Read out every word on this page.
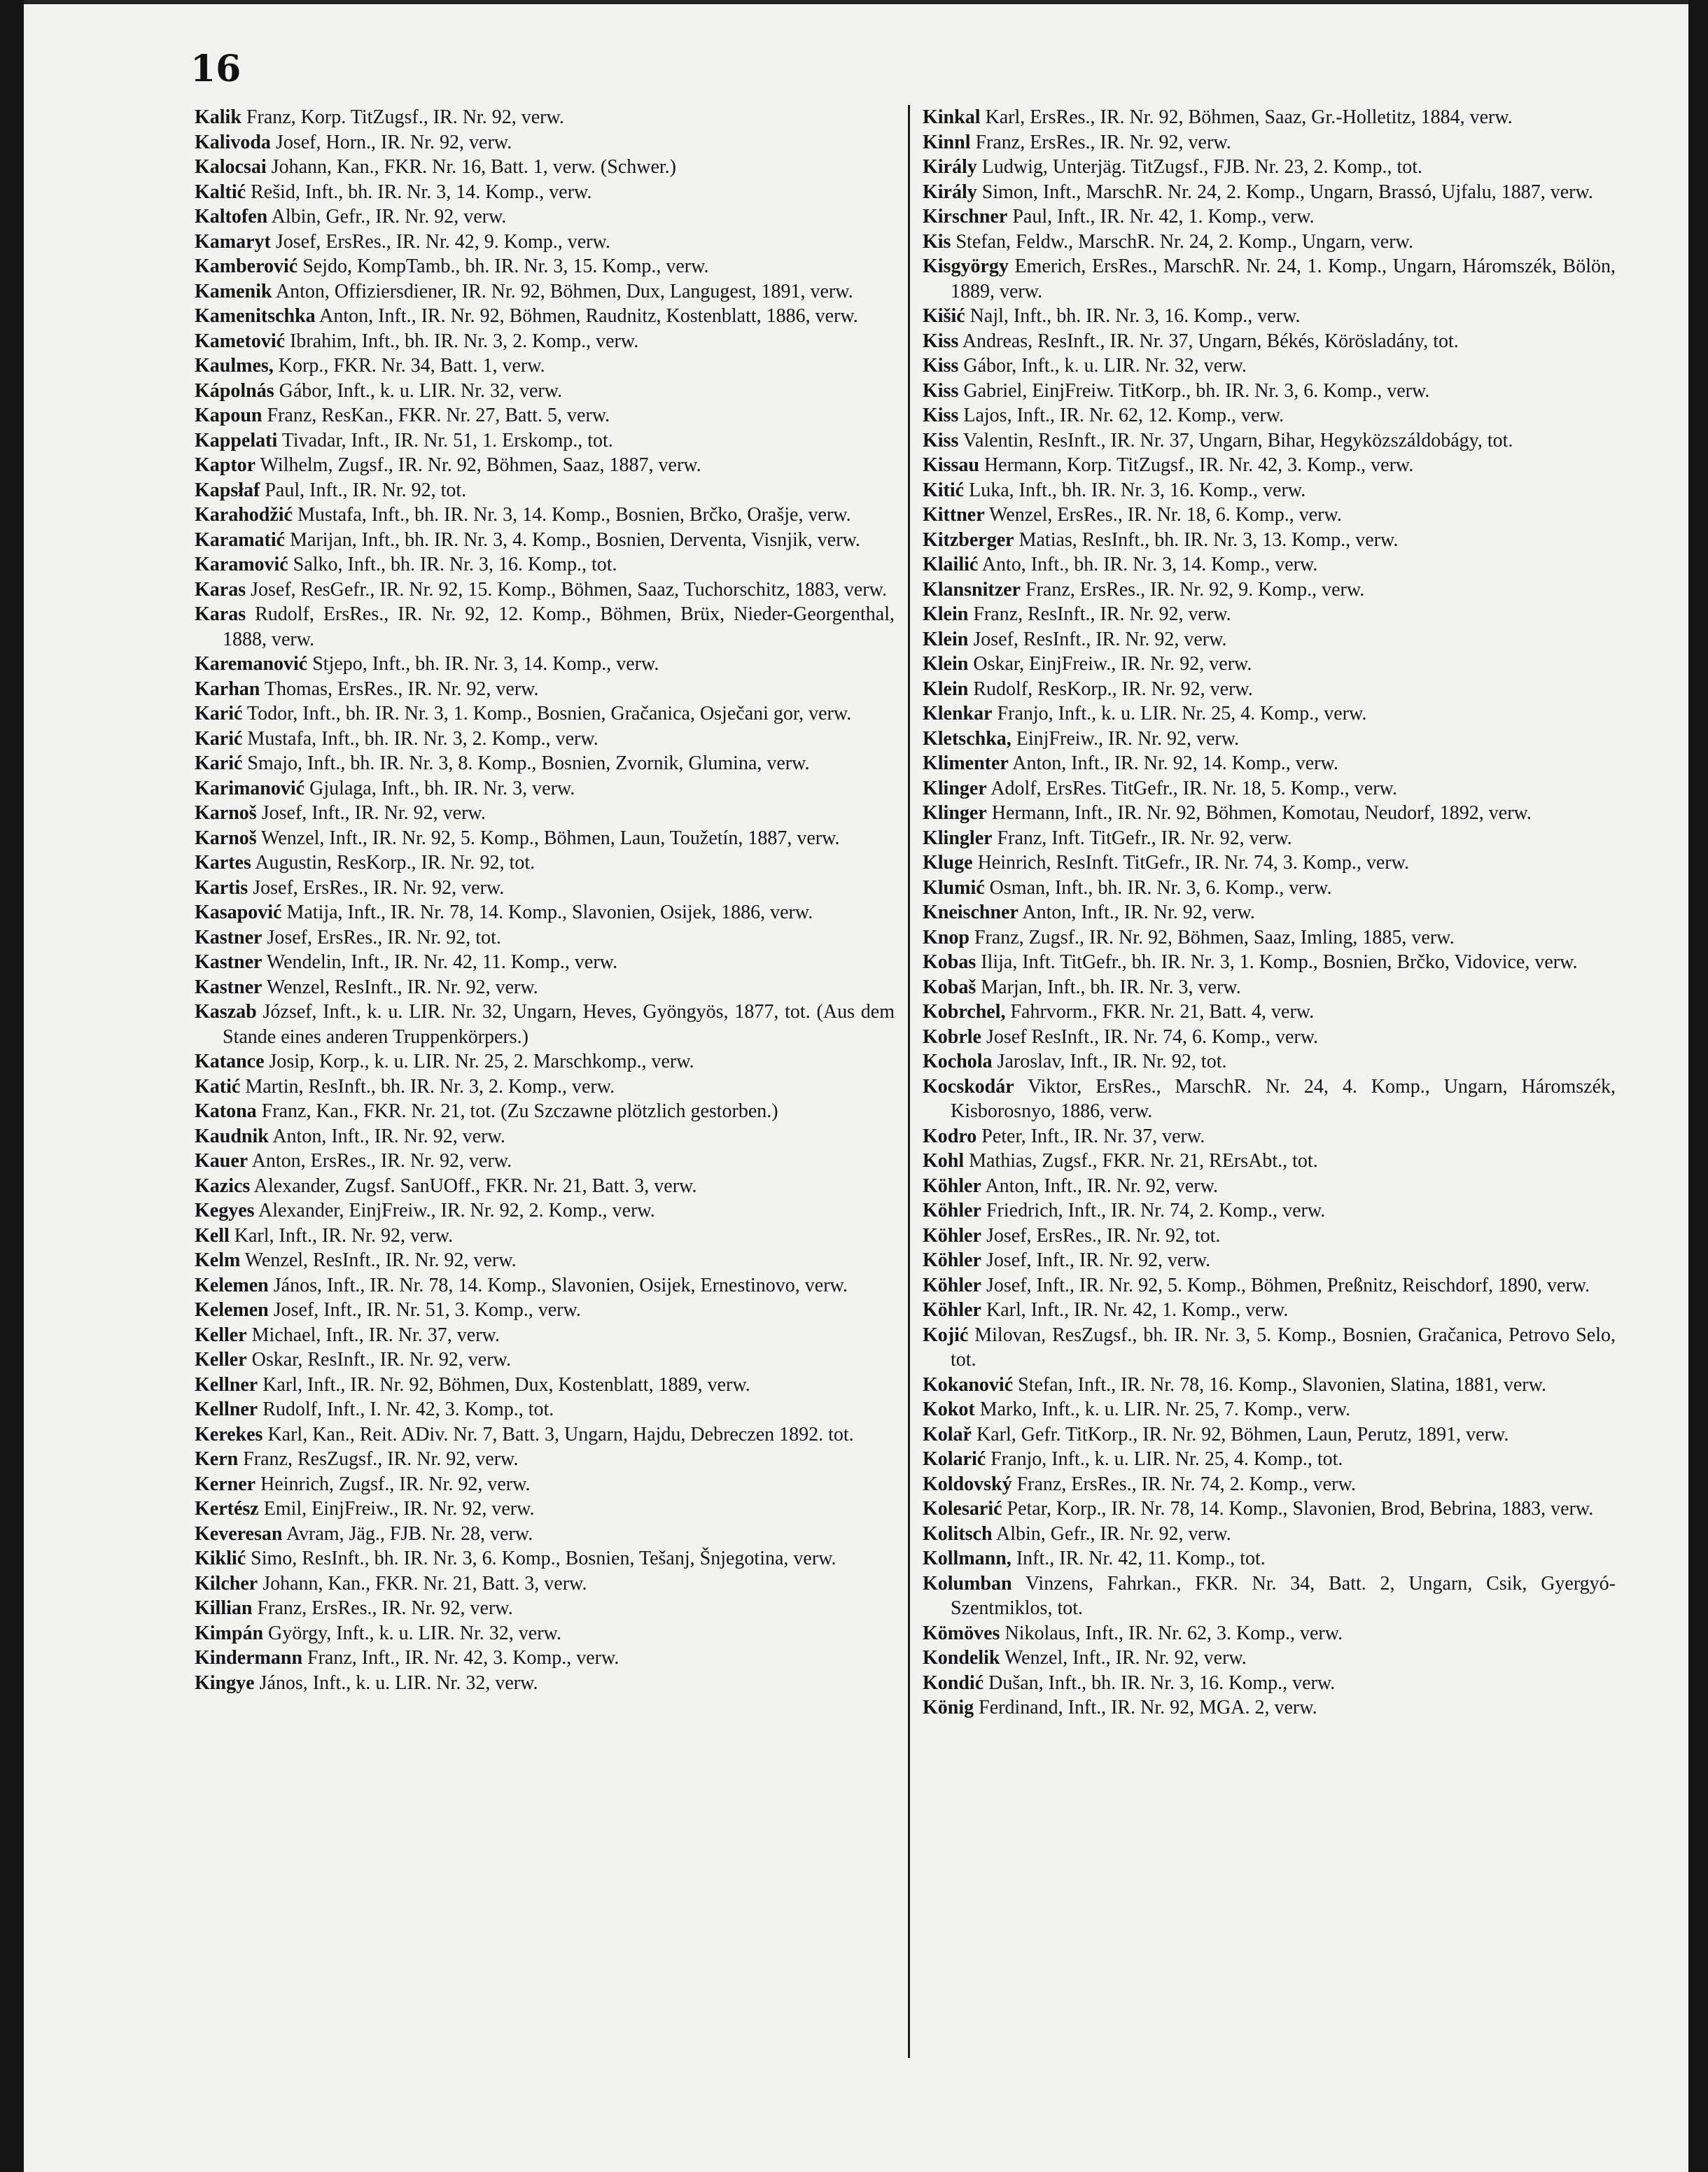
16
Kalik Franz, Korp. TitZugsf., IR. Nr. 92, verw.
Kalivoda Josef, Horn., IR. Nr. 92, verw.
Kalocsai Johann, Kan., FKR. Nr. 16, Batt. 1, verw. (Schwer.)
Kaltić Rešid, Inft., bh. IR. Nr. 3, 14. Komp., verw.
Kaltofen Albin, Gefr., IR. Nr. 92, verw.
Kamaryt Josef, ErsRes., IR. Nr. 42, 9. Komp., verw.
Kamberović Sejdo, KompTamb., bh. IR. Nr. 3, 15. Komp., verw.
Kamenik Anton, Offiziersdiener, IR. Nr. 92, Böhmen, Dux, Langugest, 1891, verw.
Kamenitschka Anton, Inft., IR. Nr. 92, Böhmen, Raudnitz, Kostenblatt, 1886, verw.
Kametović Ibrahim, Inft., bh. IR. Nr. 3, 2. Komp., verw.
Kaulmes, Korp., FKR. Nr. 34, Batt. 1, verw.
Kápolnás Gábor, Inft., k. u. LIR. Nr. 32, verw.
Kapoun Franz, ResKan., FKR. Nr. 27, Batt. 5, verw.
Kappelati Tivadar, Inft., IR. Nr. 51, 1. Erskomp., tot.
Kaptor Wilhelm, Zugsf., IR. Nr. 92, Böhmen, Saaz, 1887, verw.
Kapsłaf Paul, Inft., IR. Nr. 92, tot.
Karahodžić Mustafa, Inft., bh. IR. Nr. 3, 14. Komp., Bosnien, Brčko, Orašje, verw.
Karamatić Marijan, Inft., bh. IR. Nr. 3, 4. Komp., Bosnien, Derventa, Visnjik, verw.
Karamović Salko, Inft., bh. IR. Nr. 3, 16. Komp., tot.
Karas Josef, ResGefr., IR. Nr. 92, 15. Komp., Böhmen, Saaz, Tuchorschitz, 1883, verw.
Karas Rudolf, ErsRes., IR. Nr. 92, 12. Komp., Böhmen, Brüx, Nieder-Georgenthal, 1888, verw.
Karemanović Stjepo, Inft., bh. IR. Nr. 3, 14. Komp., verw.
Karhan Thomas, ErsRes., IR. Nr. 92, verw.
Karić Todor, Inft., bh. IR. Nr. 3, 1. Komp., Bosnien, Gračanica, Osječani gor, verw.
Karić Mustafa, Inft., bh. IR. Nr. 3, 2. Komp., verw.
Karić Smajo, Inft., bh. IR. Nr. 3, 8. Komp., Bosnien, Zvornik, Glumina, verw.
Karimanović Gjulaga, Inft., bh. IR. Nr. 3, verw.
Karnoš Josef, Inft., IR. Nr. 92, verw.
Karnoš Wenzel, Inft., IR. Nr. 92, 5. Komp., Böhmen, Laun, Toužetín, 1887, verw.
Kartes Augustin, ResKorp., IR. Nr. 92, tot.
Kartis Josef, ErsRes., IR. Nr. 92, verw.
Kasapović Matija, Inft., IR. Nr. 78, 14. Komp., Slavonien, Osijek, 1886, verw.
Kastner Josef, ErsRes., IR. Nr. 92, tot.
Kastner Wendelin, Inft., IR. Nr. 42, 11. Komp., verw.
Kastner Wenzel, ResInft., IR. Nr. 92, verw.
Kaszab József, Inft., k. u. LIR. Nr. 32, Ungarn, Heves, Gyöngyös, 1877, tot. (Aus dem Stande eines anderen Truppenkörpers.)
Katance Josip, Korp., k. u. LIR. Nr. 25, 2. Marschkomp., verw.
Katić Martin, ResInft., bh. IR. Nr. 3, 2. Komp., verw.
Katona Franz, Kan., FKR. Nr. 21, tot. (Zu Szczawne plötzlich gestorben.)
Kaudnik Anton, Inft., IR. Nr. 92, verw.
Kauer Anton, ErsRes., IR. Nr. 92, verw.
Kazics Alexander, Zugsf. SanUOff., FKR. Nr. 21, Batt. 3, verw.
Kegyes Alexander, EinjFreiw., IR. Nr. 92, 2. Komp., verw.
Kell Karl, Inft., IR. Nr. 92, verw.
Kelm Wenzel, ResInft., IR. Nr. 92, verw.
Kelemen János, Inft., IR. Nr. 78, 14. Komp., Slavonien, Osijek, Ernestinovo, verw.
Kelemen Josef, Inft., IR. Nr. 51, 3. Komp., verw.
Keller Michael, Inft., IR. Nr. 37, verw.
Keller Oskar, ResInft., IR. Nr. 92, verw.
Kellner Karl, Inft., IR. Nr. 92, Böhmen, Dux, Kostenblatt, 1889, verw.
Kellner Rudolf, Inft., I. Nr. 42, 3. Komp., tot.
Kerekes Karl, Kan., Reit. ADiv. Nr. 7, Batt. 3, Ungarn, Hajdu, Debreczen 1892. tot.
Kern Franz, ResZugsf., IR. Nr. 92, verw.
Kerner Heinrich, Zugsf., IR. Nr. 92, verw.
Kertész Emil, EinjFreiw., IR. Nr. 92, verw.
Keveresan Avram, Jäg., FJB. Nr. 28, verw.
Kiklić Simo, ResInft., bh. IR. Nr. 3, 6. Komp., Bosnien, Tešanj, Šnjegotina, verw.
Kilcher Johann, Kan., FKR. Nr. 21, Batt. 3, verw.
Killian Franz, ErsRes., IR. Nr. 92, verw.
Kimpán György, Inft., k. u. LIR. Nr. 32, verw.
Kindermann Franz, Inft., IR. Nr. 42, 3. Komp., verw.
Kingye János, Inft., k. u. LIR. Nr. 32, verw.
Kinkal Karl, ErsRes., IR. Nr. 92, Böhmen, Saaz, Gr.-Holletitz, 1884, verw.
Kinnl Franz, ErsRes., IR. Nr. 92, verw.
Király Ludwig, Unterjäg. TitZugsf., FJB. Nr. 23, 2. Komp., tot.
Király Simon, Inft., MarschR. Nr. 24, 2. Komp., Ungarn, Brassó, Ujfalu, 1887, verw.
Kirschner Paul, Inft., IR. Nr. 42, 1. Komp., verw.
Kis Stefan, Feldw., MarschR. Nr. 24, 2. Komp., Ungarn, verw.
Kisgyörgy Emerich, ErsRes., MarschR. Nr. 24, 1. Komp., Ungarn, Háromszék, Bölön, 1889, verw.
Kišić Najl, Inft., bh. IR. Nr. 3, 16. Komp., verw.
Kiss Andreas, ResInft., IR. Nr. 37, Ungarn, Békés, Körösladány, tot.
Kiss Gábor, Inft., k. u. LIR. Nr. 32, verw.
Kiss Gabriel, EinjFreiw. TitKorp., bh. IR. Nr. 3, 6. Komp., verw.
Kiss Lajos, Inft., IR. Nr. 62, 12. Komp., verw.
Kiss Valentin, ResInft., IR. Nr. 37, Ungarn, Bihar, Hegyközszáldobágy, tot.
Kissau Hermann, Korp. TitZugsf., IR. Nr. 42, 3. Komp., verw.
Kitić Luka, Inft., bh. IR. Nr. 3, 16. Komp., verw.
Kittner Wenzel, ErsRes., IR. Nr. 18, 6. Komp., verw.
Kitzberger Matias, ResInft., bh. IR. Nr. 3, 13. Komp., verw.
Klailić Anto, Inft., bh. IR. Nr. 3, 14. Komp., verw.
Klansnitzer Franz, ErsRes., IR. Nr. 92, 9. Komp., verw.
Klein Franz, ResInft., IR. Nr. 92, verw.
Klein Josef, ResInft., IR. Nr. 92, verw.
Klein Oskar, EinjFreiw., IR. Nr. 92, verw.
Klein Rudolf, ResKorp., IR. Nr. 92, verw.
Klenkar Franjo, Inft., k. u. LIR. Nr. 25, 4. Komp., verw.
Kletschka, EinjFreiw., IR. Nr. 92, verw.
Klimenter Anton, Inft., IR. Nr. 92, 14. Komp., verw.
Klinger Adolf, ErsRes. TitGefr., IR. Nr. 18, 5. Komp., verw.
Klinger Hermann, Inft., IR. Nr. 92, Böhmen, Komotau, Neudorf, 1892, verw.
Klingler Franz, Inft. TitGefr., IR. Nr. 92, verw.
Kluge Heinrich, ResInft. TitGefr., IR. Nr. 74, 3. Komp., verw.
Klumić Osman, Inft., bh. IR. Nr. 3, 6. Komp., verw.
Kneischner Anton, Inft., IR. Nr. 92, verw.
Knop Franz, Zugsf., IR. Nr. 92, Böhmen, Saaz, Imling, 1885, verw.
Kobas Ilija, Inft. TitGefr., bh. IR. Nr. 3, 1. Komp., Bosnien, Brčko, Vidovice, verw.
Kobaš Marjan, Inft., bh. IR. Nr. 3, verw.
Kobrchel, Fahrvorm., FKR. Nr. 21, Batt. 4, verw.
Kobrle Josef ResInft., IR. Nr. 74, 6. Komp., verw.
Kochola Jaroslav, Inft., IR. Nr. 92, tot.
Kocskodár Viktor, ErsRes., MarschR. Nr. 24, 4. Komp., Ungarn, Háromszék, Kisborosnyo, 1886, verw.
Kodro Peter, Inft., IR. Nr. 37, verw.
Kohl Mathias, Zugsf., FKR. Nr. 21, RErsAbt., tot.
Köhler Anton, Inft., IR. Nr. 92, verw.
Köhler Friedrich, Inft., IR. Nr. 74, 2. Komp., verw.
Köhler Josef, ErsRes., IR. Nr. 92, tot.
Köhler Josef, Inft., IR. Nr. 92, verw.
Köhler Josef, Inft., IR. Nr. 92, 5. Komp., Böhmen, Preßnitz, Reischdorf, 1890, verw.
Köhler Karl, Inft., IR. Nr. 42, 1. Komp., verw.
Kojić Milovan, ResZugsf., bh. IR. Nr. 3, 5. Komp., Bosnien, Gračanica, Petrovo Selo, tot.
Kokanović Stefan, Inft., IR. Nr. 78, 16. Komp., Slavonien, Slatina, 1881, verw.
Kokot Marko, Inft., k. u. LIR. Nr. 25, 7. Komp., verw.
Kolař Karl, Gefr. TitKorp., IR. Nr. 92, Böhmen, Laun, Perutz, 1891, verw.
Kolarić Franjo, Inft., k. u. LIR. Nr. 25, 4. Komp., tot.
Koldovský Franz, ErsRes., IR. Nr. 74, 2. Komp., verw.
Kolesarić Petar, Korp., IR. Nr. 78, 14. Komp., Slavonien, Brod, Bebrina, 1883, verw.
Kolitsch Albin, Gefr., IR. Nr. 92, verw.
Kollmann, Inft., IR. Nr. 42, 11. Komp., tot.
Kolumban Vinzens, Fahrkan., FKR. Nr. 34, Batt. 2, Ungarn, Csik, Gyergyó-Szentmiklos, tot.
Kömöves Nikolaus, Inft., IR. Nr. 62, 3. Komp., verw.
Kondelik Wenzel, Inft., IR. Nr. 92, verw.
Kondić Dušan, Inft., bh. IR. Nr. 3, 16. Komp., verw.
König Ferdinand, Inft., IR. Nr. 92, MGA. 2, verw.
